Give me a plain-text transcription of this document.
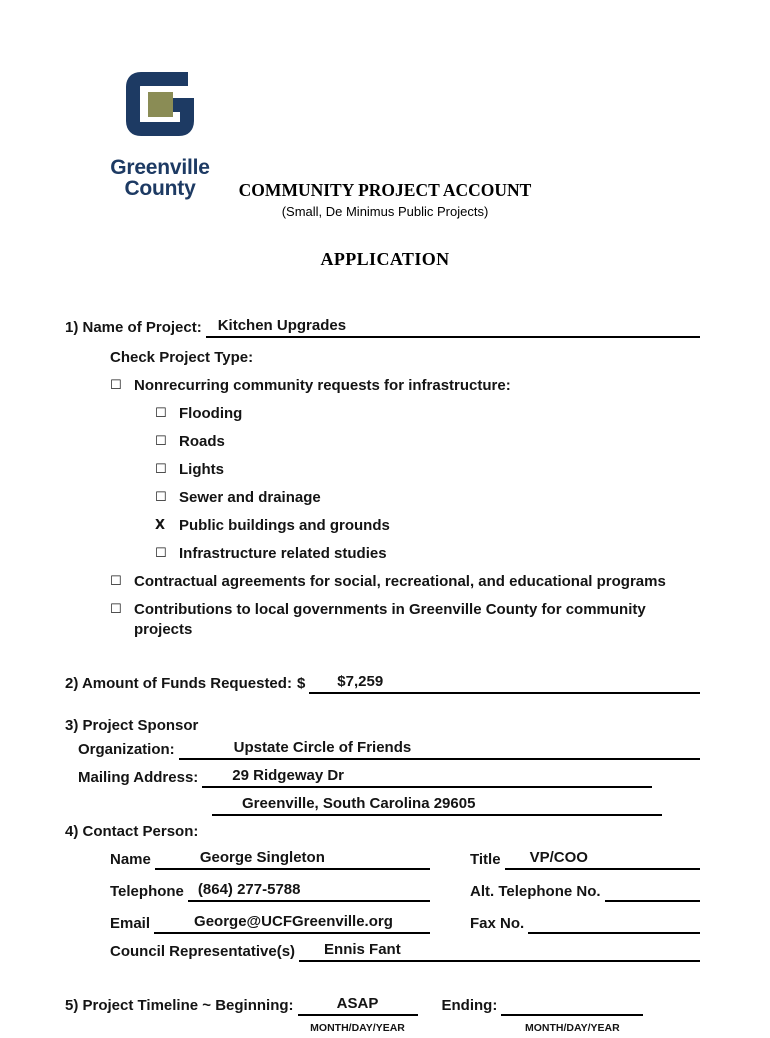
Greenville
County	COMMUNITY PROJECT ACCOUNT
(Small, De Minimus Public Projects)
APPLICATION
1) Name of Project:	Kitchen Upgrades
Check Project Type:
☐ Nonrecurring community requests for infrastructure:
☐ Flooding
☐ Roads
☐ Lights
☐ Sewer and drainage
X Public buildings and grounds
☐ Infrastructure related studies
☐ Contractual agreements for social, recreational, and educational programs
☐ Contributions to local governments in Greenville County for community projects
2) Amount of Funds Requested: $	$7,259
3) Project Sponsor
Organization:	Upstate Circle of Friends
Mailing Address:	29 Ridgeway Dr
Greenville, South Carolina 29605
4) Contact Person:
Name	George Singleton	Title	VP/COO
Telephone (864) 277-5788	Alt. Telephone No.
Email	George@UCFGreenville.org	Fax No.
Council Representative(s)	Ennis Fant
5) Project Timeline ~ Beginning:	ASAP	Ending:
MONTH/DAY/YEAR	MONTH/DAY/YEAR
